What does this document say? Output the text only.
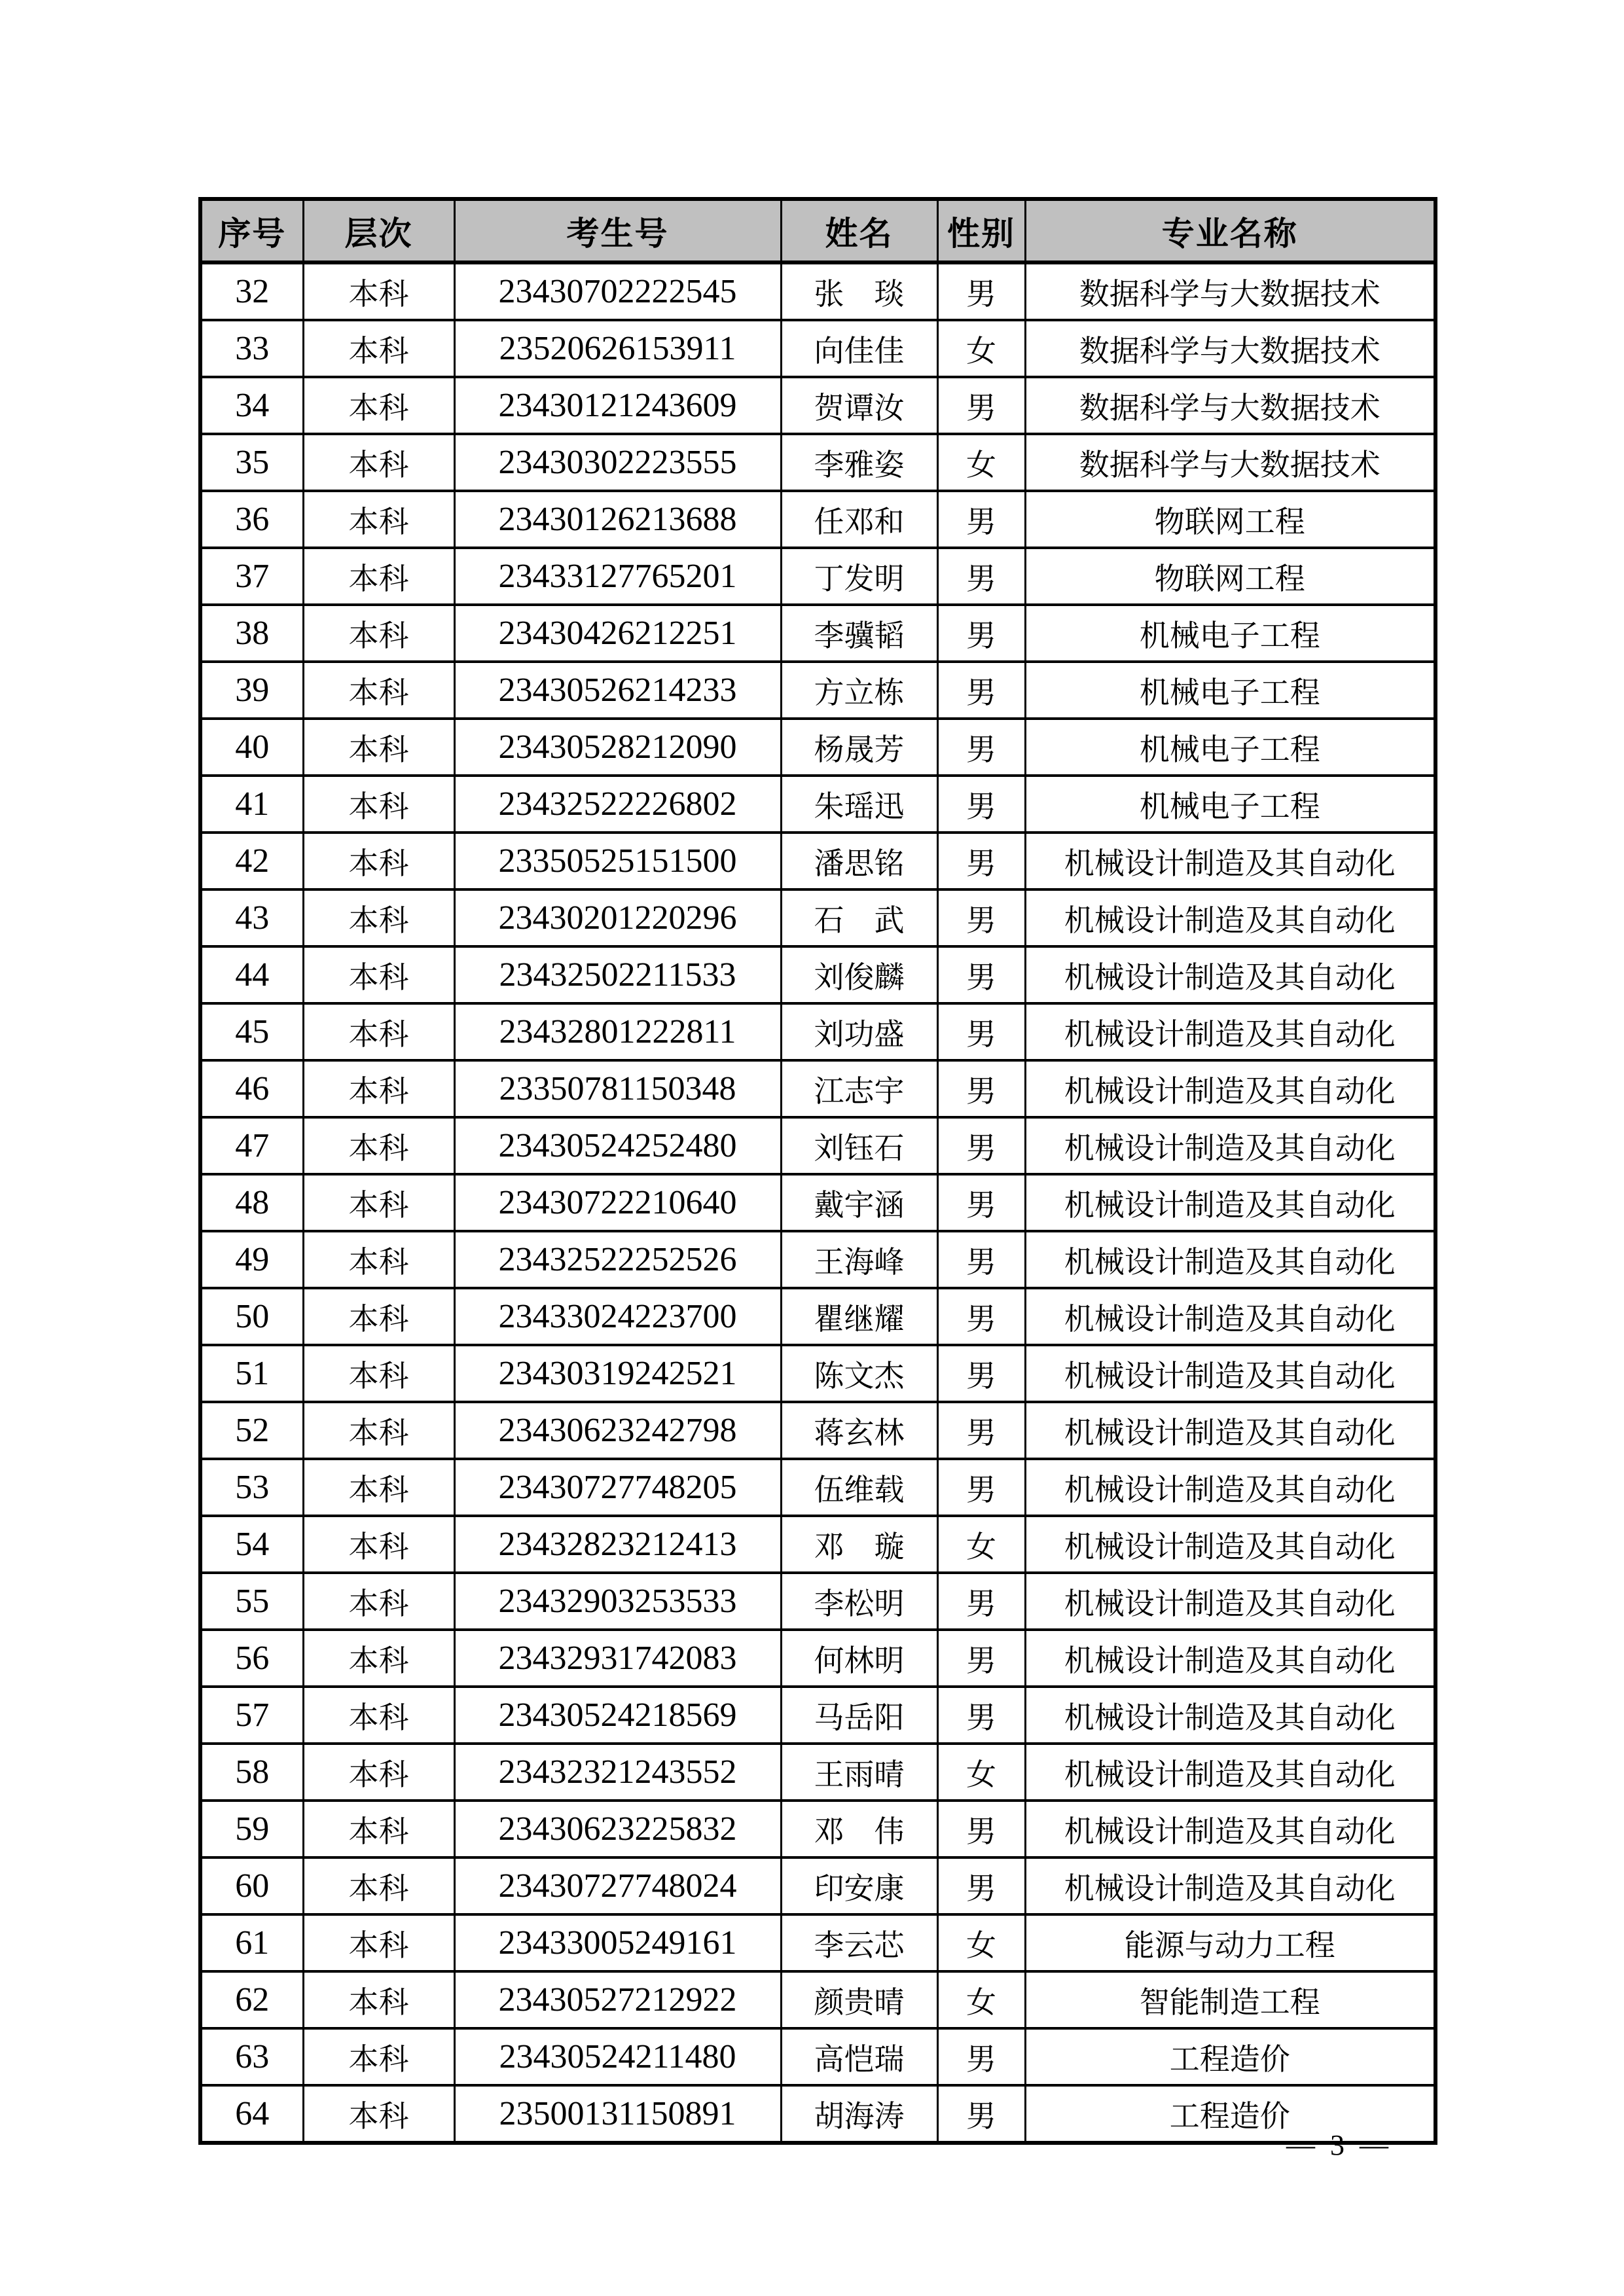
序号	层次	考生号	姓名	性别	专业名称
32	本科	23430702222545	张　琰	男	数据科学与大数据技术
33	本科	23520626153911	向佳佳	女	数据科学与大数据技术
34	本科	23430121243609	贺谭汝	男	数据科学与大数据技术
35	本科	23430302223555	李雅姿	女	数据科学与大数据技术
36	本科	23430126213688	任邓和	男	物联网工程
37	本科	23433127765201	丁发明	男	物联网工程
38	本科	23430426212251	李骥韬	男	机械电子工程
39	本科	23430526214233	方立栋	男	机械电子工程
40	本科	23430528212090	杨晟芳	男	机械电子工程
41	本科	23432522226802	朱瑶迅	男	机械电子工程
42	本科	23350525151500	潘思铭	男	机械设计制造及其自动化
43	本科	23430201220296	石　武	男	机械设计制造及其自动化
44	本科	23432502211533	刘俊麟	男	机械设计制造及其自动化
45	本科	23432801222811	刘功盛	男	机械设计制造及其自动化
46	本科	23350781150348	江志宇	男	机械设计制造及其自动化
47	本科	23430524252480	刘钰石	男	机械设计制造及其自动化
48	本科	23430722210640	戴宇涵	男	机械设计制造及其自动化
49	本科	23432522252526	王海峰	男	机械设计制造及其自动化
50	本科	23433024223700	瞿继耀	男	机械设计制造及其自动化
51	本科	23430319242521	陈文杰	男	机械设计制造及其自动化
52	本科	23430623242798	蒋玄林	男	机械设计制造及其自动化
53	本科	23430727748205	伍维载	男	机械设计制造及其自动化
54	本科	23432823212413	邓　璇	女	机械设计制造及其自动化
55	本科	23432903253533	李松明	男	机械设计制造及其自动化
56	本科	23432931742083	何林明	男	机械设计制造及其自动化
57	本科	23430524218569	马岳阳	男	机械设计制造及其自动化
58	本科	23432321243552	王雨晴	女	机械设计制造及其自动化
59	本科	23430623225832	邓　伟	男	机械设计制造及其自动化
60	本科	23430727748024	印安康	男	机械设计制造及其自动化
61	本科	23433005249161	李云芯	女	能源与动力工程
62	本科	23430527212922	颜贵晴	女	智能制造工程
63	本科	23430524211480	高恺瑞	男	工程造价
64	本科	23500131150891	胡海涛	男	工程造价
— 3 —
